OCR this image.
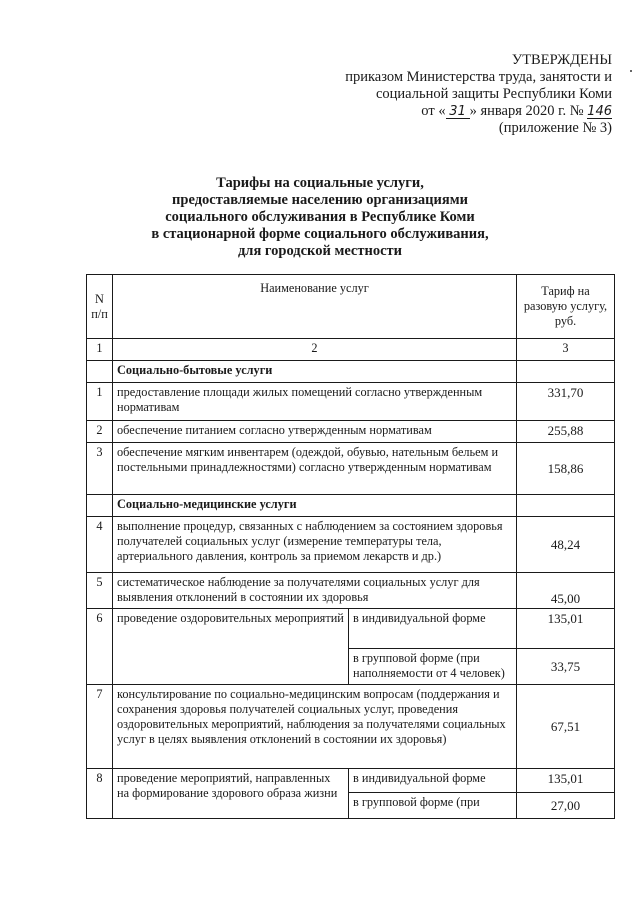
УТВЕРЖДЕНЫ
приказом Министерства труда, занятости и
социальной защиты Республики Коми
от « 31 » января 2020 г. № 146
(приложение № 3)
Тарифы на социальные услуги,
предоставляемые населению организациями
социального обслуживания в Республике Коми
в стационарной форме социального обслуживания,
для городской местности
N п/п	Наименование услуг		Тариф на разовую услугу, руб.
1	2		3
	Социально-бытовые услуги		
1	предоставление площади жилых помещений согласно утвержденным нормативам		331,70
2	обеспечение питанием согласно утвержденным нормативам		255,88
3	обеспечение мягким инвентарем (одеждой, обувью, нательным бельем и постельными принадлежностями) согласно утвержденным нормативам		158,86
	Социально-медицинские услуги		
4	выполнение процедур, связанных с наблюдением за состоянием здоровья получателей социальных услуг (измерение температуры тела, артериального давления, контроль за приемом лекарств и др.)		48,24
5	систематическое наблюдение за получателями социальных услуг для выявления отклонений в состоянии их здоровья		45,00
6	проведение оздоровительных мероприятий	в индивидуальной форме	135,01
		в групповой форме (при наполняемости от 4 человек)	33,75
7	консультирование по социально-медицинским вопросам (поддержания и сохранения здоровья получателей социальных услуг, проведения оздоровительных мероприятий, наблюдения за получателями социальных услуг в целях выявления отклонений в состоянии их здоровья)		67,51
8	проведение мероприятий, направленных на формирование здорового образа жизни	в индивидуальной форме	135,01
		в групповой форме (при	27,00
